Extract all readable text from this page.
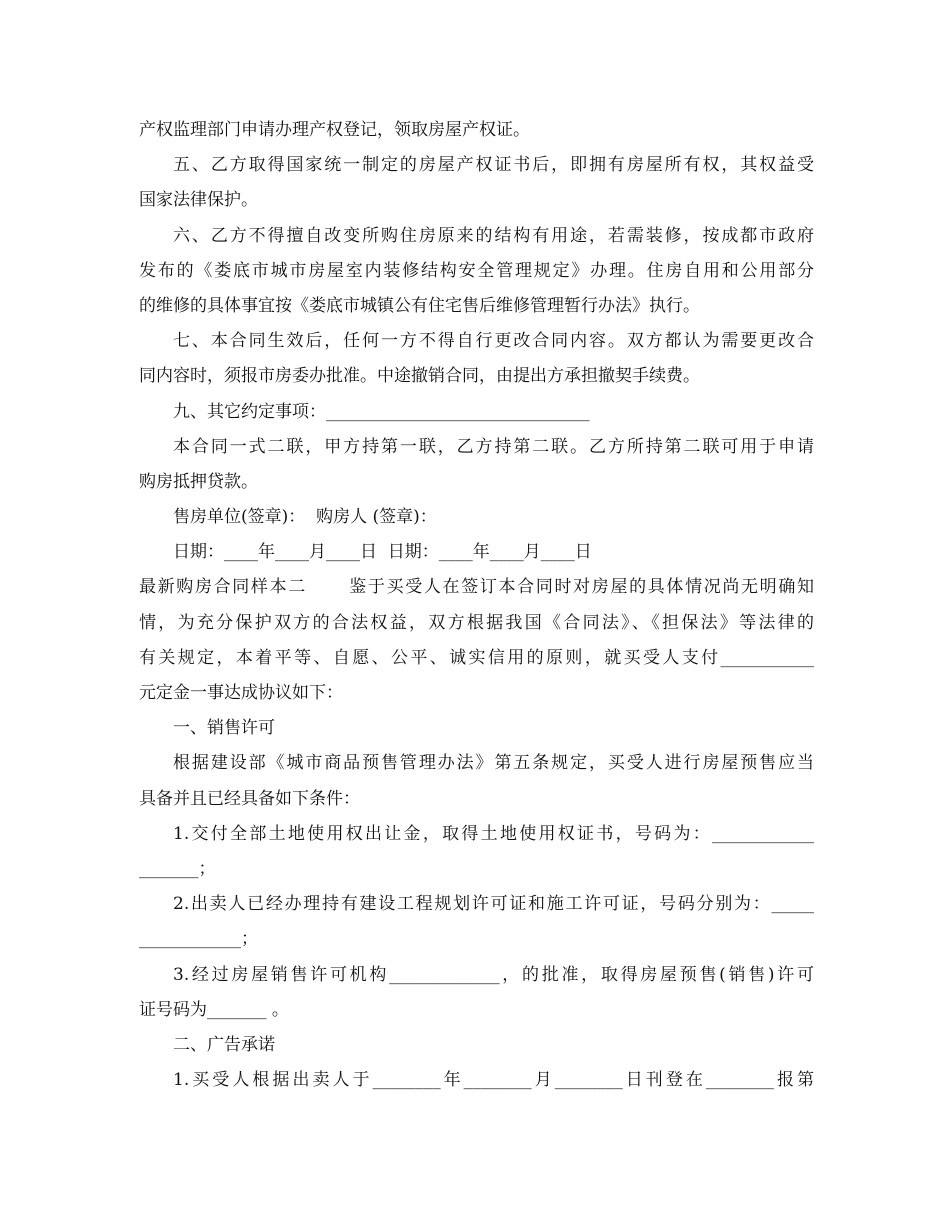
产权监理部门申请办理产权登记，领取房屋产权证。
五、乙方取得国家统一制定的房屋产权证书后，即拥有房屋所有权，其权益受
国家法律保护。
六、乙方不得擅自改变所购住房原来的结构有用途，若需装修，按成都市政府
发布的《娄底市城市房屋室内装修结构安全管理规定》办理。住房自用和公用部分
的维修的具体事宜按《娄底市城镇公有住宅售后维修管理暂行办法》执行。
七、本合同生效后，任何一方不得自行更改合同内容。双方都认为需要更改合
同内容时，须报市房委办批准。中途撤销合同，由提出方承担撤契手续费。
九、其它约定事项：_______________________________
本合同一式二联，甲方持第一联，乙方持第二联。乙方所持第二联可用于申请
购房抵押贷款。
售房单位(签章)：  购房人 (签章)：
日期：____年____月____日  日期：____年____月____日
最新购房合同样本二      鉴于买受人在签订本合同时对房屋的具体情况尚无明确知
情，为充分保护双方的合法权益，双方根据我国《合同法》、《担保法》等法律的
有关规定，本着平等、自愿、公平、诚实信用的原则，就买受人支付___________
元定金一事达成协议如下：
一、销售许可
根据建设部《城市商品预售管理办法》第五条规定，买受人进行房屋预售应当
具备并且已经具备如下条件：
1.交付全部土地使用权出让金，取得土地使用权证书，号码为：____________
_______；
2.出卖人已经办理持有建设工程规划许可证和施工许可证，号码分别为：_____
____________；
3.经过房屋销售许可机构_____________，的批准，取得房屋预售(销售)许可
证号码为_______ 。
二、广告承诺
1.买受人根据出卖人于________年________月________日刊登在________报第
